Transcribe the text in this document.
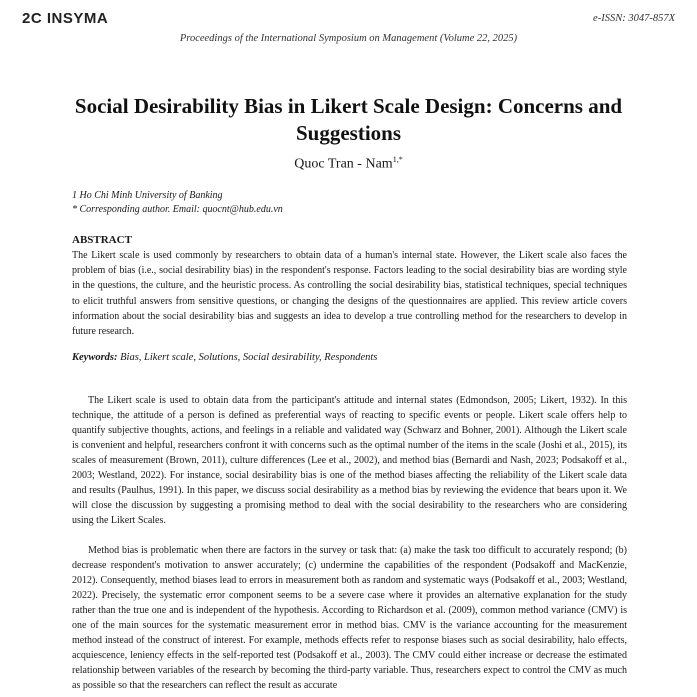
2C INSYMA	e-ISSN: 3047-857X
Proceedings of the International Symposium on Management (Volume 22, 2025)
Social Desirability Bias in Likert Scale Design: Concerns and Suggestions
Quoc Tran - Nam$^{1,*}$
1 Ho Chi Minh University of Banking
* Corresponding author. Email: quocnt@hub.edu.vn
ABSTRACT
The Likert scale is used commonly by researchers to obtain data of a human's internal state. However, the Likert scale also faces the problem of bias (i.e., social desirability bias) in the respondent's response. Factors leading to the social desirability bias are wording style in the questions, the culture, and the heuristic process. As controlling the social desirability bias, statistical techniques, special techniques to elicit truthful answers from sensitive questions, or changing the designs of the questionnaires are applied. This review article covers information about the social desirability bias and suggests an idea to develop a true controlling method for the researchers to develop in future research.
Keywords: Bias, Likert scale, Solutions, Social desirability, Respondents
The Likert scale is used to obtain data from the participant's attitude and internal states (Edmondson, 2005; Likert, 1932). In this technique, the attitude of a person is defined as preferential ways of reacting to specific events or people. Likert scale offers help to quantify subjective thoughts, actions, and feelings in a reliable and validated way (Schwarz and Bohner, 2001). Although the Likert scale is convenient and helpful, researchers confront it with concerns such as the optimal number of the items in the scale (Joshi et al., 2015), its scales of measurement (Brown, 2011), culture differences (Lee et al., 2002), and method bias (Bernardi and Nash, 2023; Podsakoff et al., 2003; Westland, 2022). For instance, social desirability bias is one of the method biases affecting the reliability of the Likert scale data and results (Paulhus, 1991). In this paper, we discuss social desirability as a method bias by reviewing the evidence that bears upon it. We will close the discussion by suggesting a promising method to deal with the social desirability to the researchers who are considering using the Likert Scales.
Method bias is problematic when there are factors in the survey or task that: (a) make the task too difficult to accurately respond; (b) decrease respondent's motivation to answer accurately; (c) undermine the capabilities of the respondent (Podsakoff and MacKenzie, 2012). Consequently, method biases lead to errors in measurement both as random and systematic ways (Podsakoff et al., 2003; Westland, 2022). Precisely, the systematic error component seems to be a severe case where it provides an alternative explanation for the study rather than the true one and is independent of the hypothesis. According to Richardson et al. (2009), common method variance (CMV) is one of the main sources for the systematic measurement error in method bias. CMV is the variance accounting for the measurement method instead of the construct of interest. For example, methods effects refer to response biases such as social desirability, halo effects, acquiescence, leniency effects in the self-reported test (Podsakoff et al., 2003). The CMV could either increase or decrease the estimated relationship between variables of the research by becoming the third-party variable. Thus, researchers expect to control the CMV as much as possible so that the researchers can reflect the result as accurate
